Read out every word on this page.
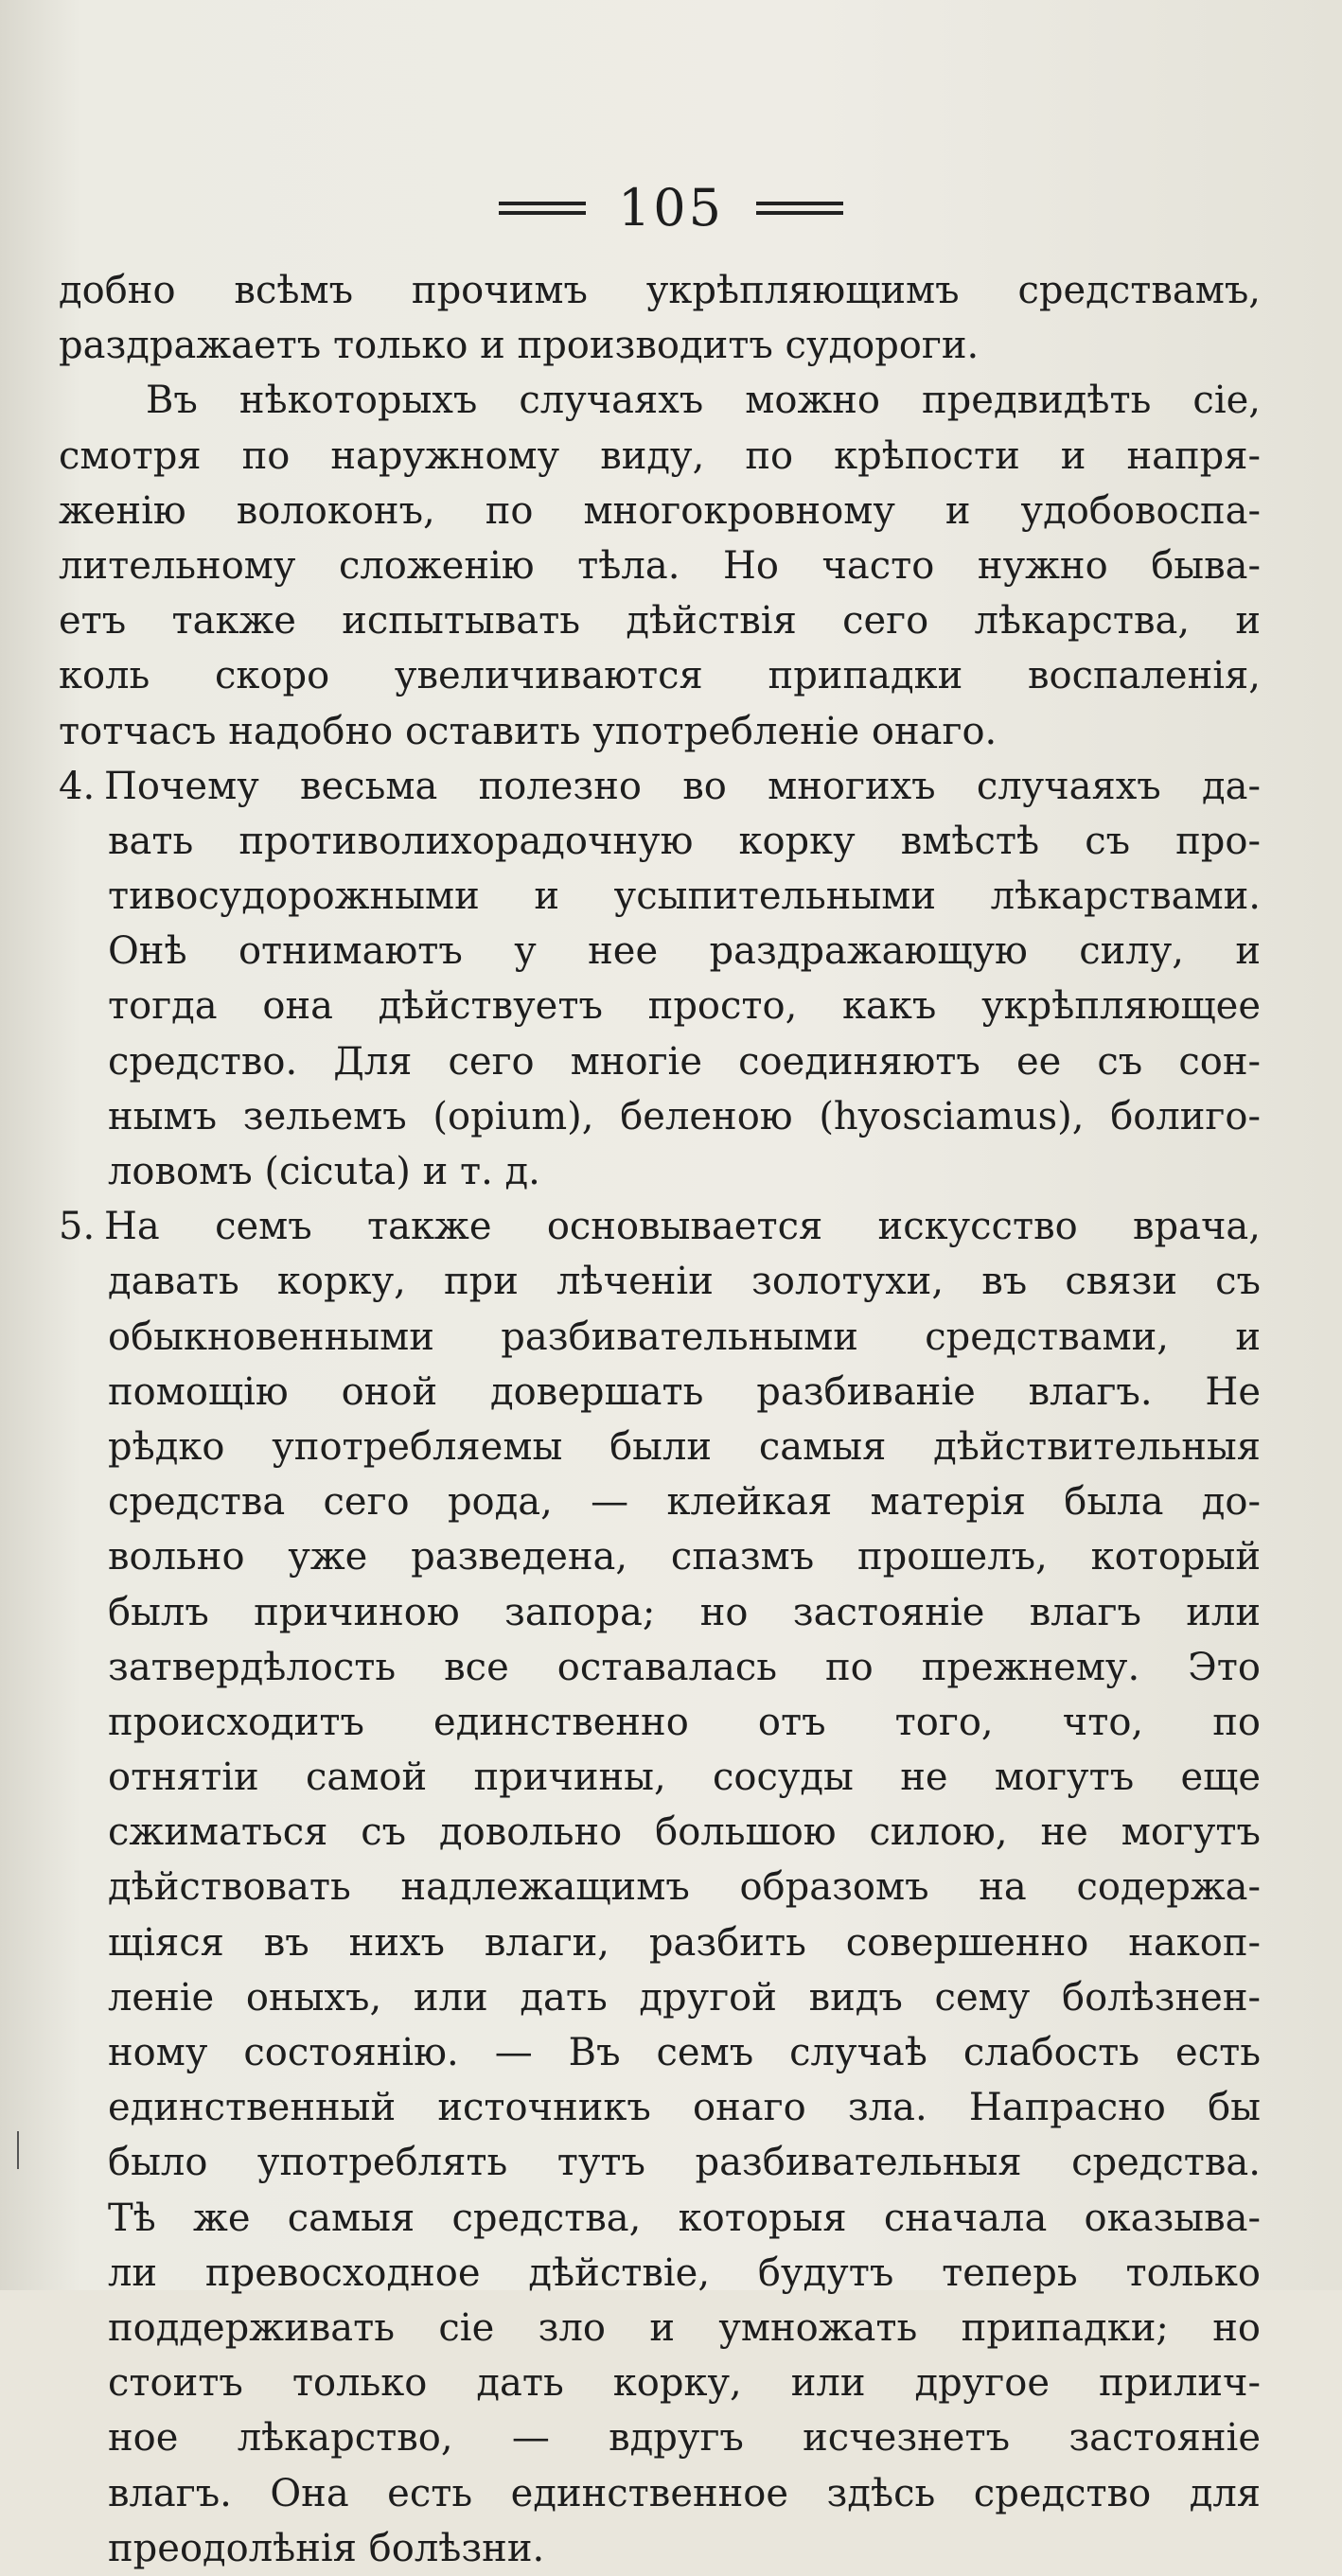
105
добно всѣмъ прочимъ укрѣпляющимъ средствамъ,
раздражаетъ только и производитъ судороги.
Въ нѣкоторыхъ случаяхъ можно предвидѣть сіе,
смотря по наружному виду, по крѣпости и напря-
женію волоконъ, по многокровному и удобовоспа-
лительному сложенію тѣла. Но часто нужно быва-
етъ также испытывать дѣйствія сего лѣкарства, и
коль скоро увеличиваются припадки воспаленія,
тотчасъ надобно оставить употребленіе онаго.
4. Почему весьма полезно во многихъ случаяхъ да-
вать противолихорадочную корку вмѣстѣ съ про-
тивосудорожными и усыпительными лѣкарствами.
Онѣ отнимаютъ у нее раздражающую силу, и
тогда она дѣйствуетъ просто, какъ укрѣпляющее
средство. Для сего многіе соединяютъ ее съ сон-
нымъ зельемъ (opium), беленою (hyosciamus), болиго-
ловомъ (cicuta) и т. д.
5. На семъ также основывается искусство врача,
давать корку, при лѣченіи золотухи, въ связи съ
обыкновенными разбивательными средствами, и
помощію оной довершать разбиваніе влагъ. Не
рѣдко употребляемы были самыя дѣйствительныя
средства сего рода, — клейкая матерія была до-
вольно уже разведена, спазмъ прошелъ, который
былъ причиною запора; но застояніе влагъ или
затвердѣлость все оставалась по прежнему. Это
происходитъ единственно отъ того, что, по
отнятіи самой причины, сосуды не могутъ еще
сжиматься съ довольно большою силою, не могутъ
дѣйствовать надлежащимъ образомъ на содержа-
щіяся въ нихъ влаги, разбить совершенно накоп-
леніе оныхъ, или дать другой видъ сему болѣзнен-
ному состоянію. — Въ семъ случаѣ слабость есть
единственный источникъ онаго зла. Напрасно бы
было употреблять тутъ разбивательныя средства.
Тѣ же самыя средства, которыя сначала оказыва-
ли превосходное дѣйствіе, будутъ теперь только
поддерживать сіе зло и умножать припадки; но
стоитъ только дать корку, или другое прилич-
ное лѣкарство, — вдругъ исчезнетъ застояніе
влагъ. Она есть единственное здѣсь средство для
преодолѣнія болѣзни.
